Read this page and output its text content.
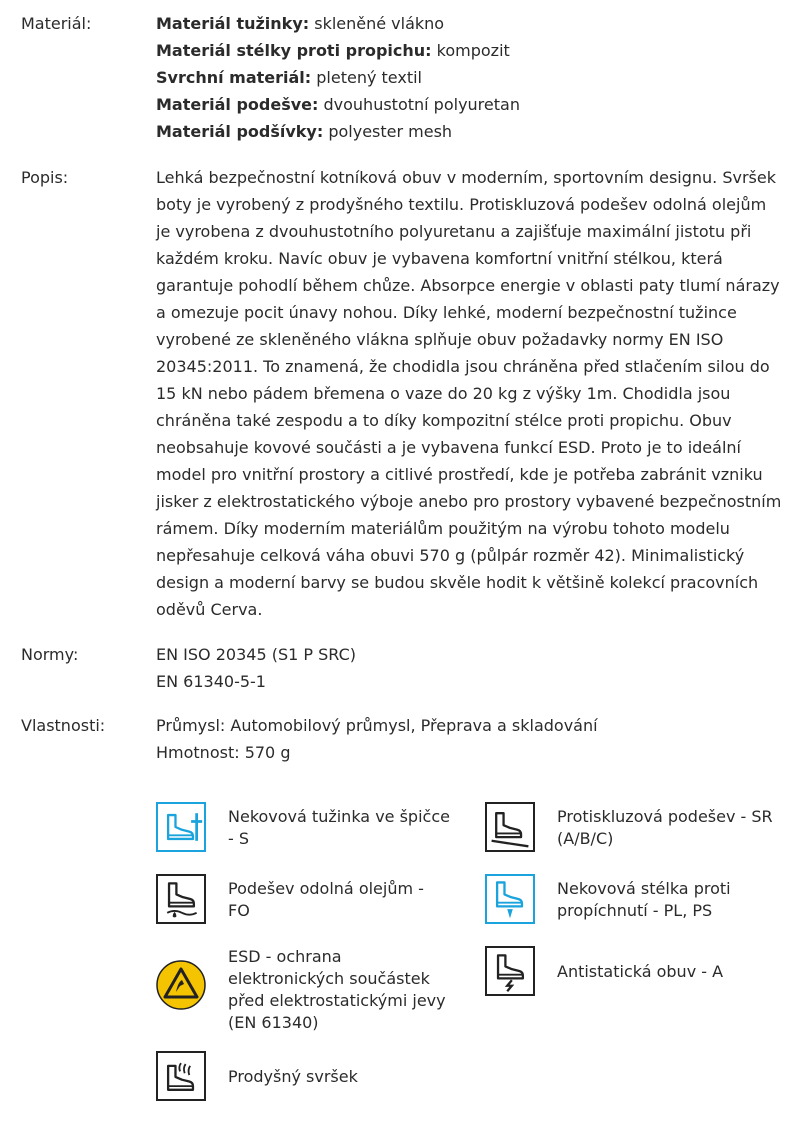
Materiál:	Materiál tužinky: skleněné vlákno
Materiál stélky proti propichu: kompozit
Svrchní materiál: pletený textil
Materiál podešve: dvouhustotní polyuretan
Materiál podšívky: polyester mesh
Popis:	Lehká bezpečnostní kotníková obuv v moderním, sportovním designu. Svršek
boty je vyrobený z prodyšného textilu. Protiskluzová podešev odolná olejům
je vyrobena z dvouhustotního polyuretanu a zajišťuje maximální jistotu při
každém kroku. Navíc obuv je vybavena komfortní vnitřní stélkou, která
garantuje pohodlí během chůze. Absorpce energie v oblasti paty tlumí nárazy
a omezuje pocit únavy nohou. Díky lehké, moderní bezpečnostní tužince
vyrobené ze skleněného vlákna splňuje obuv požadavky normy EN ISO
20345:2011. To znamená, že chodidla jsou chráněna před stlačením silou do
15 kN nebo pádem břemena o vaze do 20 kg z výšky 1m. Chodidla jsou
chráněna také zespodu a to díky kompozitní stélce proti propichu. Obuv
neobsahuje kovové součásti a je vybavena funkcí ESD. Proto je to ideální
model pro vnitřní prostory a citlivé prostředí, kde je potřeba zabránit vzniku
jisker z elektrostatického výboje anebo pro prostory vybavené bezpečnostním
rámem. Díky moderním materiálům použitým na výrobu tohoto modelu
nepřesahuje celková váha obuvi 570 g (půlpár rozměr 42). Minimalistický
design a moderní barvy se budou skvěle hodit k většině kolekcí pracovních
oděvů Cerva.
Normy:	EN ISO 20345 (S1 P SRC)
EN 61340-5-1
Vlastnosti:	Průmysl: Automobilový průmysl, Přeprava a skladování
Hmotnost: 570 g
Nekovová tužinka ve špičce
- S
Protiskluzová podešev - SR
(A/B/C)
Podešev odolná olejům -
FO
Nekovová stélka proti
propíchnutí - PL, PS
ESD - ochrana
elektronických součástek
před elektrostatickými jevy
(EN 61340)
Antistatická obuv - A
Prodyšný svršek
